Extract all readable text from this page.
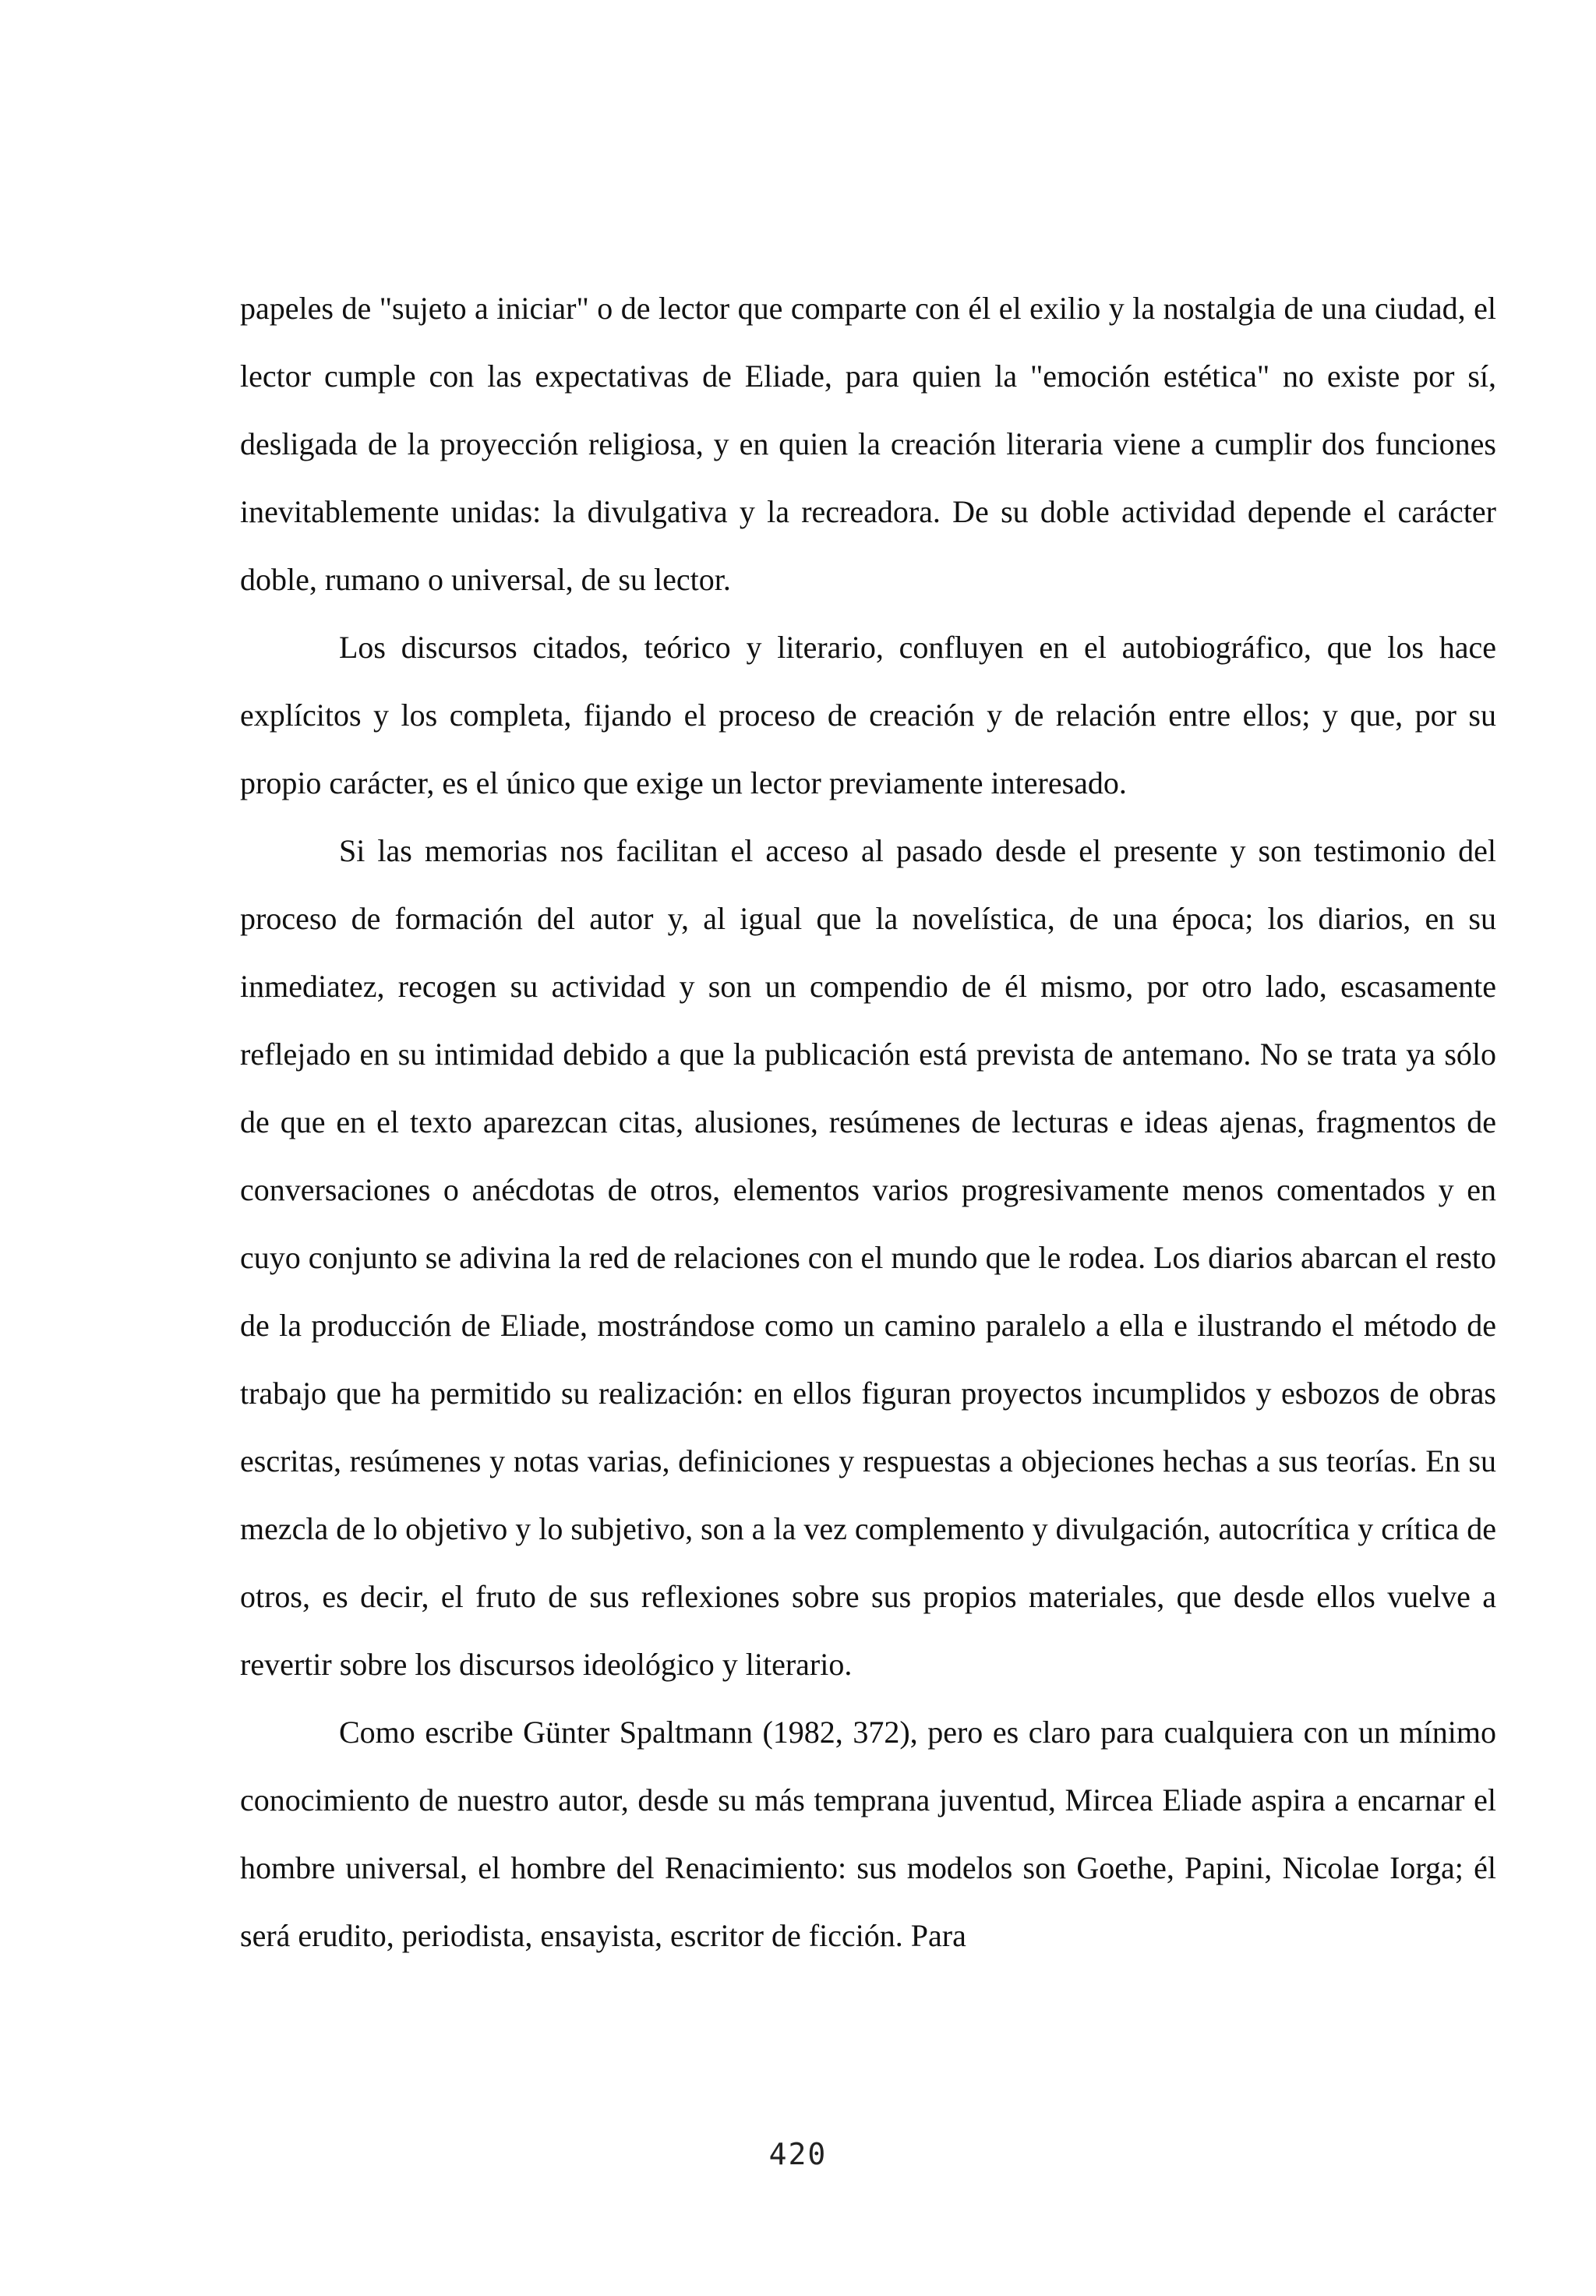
papeles de "sujeto a iniciar" o de lector que comparte con él el exilio y la nostalgia de una ciudad, el lector cumple con las expectativas de Eliade, para quien la "emoción estética" no existe por sí, desligada de la proyección religiosa, y en quien la creación literaria viene a cumplir dos funciones inevitablemente unidas: la divulgativa y la recreadora. De su doble actividad depende el carácter doble, rumano o universal, de su lector.

Los discursos citados, teórico y literario, confluyen en el autobiográfico, que los hace explícitos y los completa, fijando el proceso de creación y de relación entre ellos; y que, por su propio carácter, es el único que exige un lector previamente interesado.

Si las memorias nos facilitan el acceso al pasado desde el presente y son testimonio del proceso de formación del autor y, al igual que la novelística, de una época; los diarios, en su inmediatez, recogen su actividad y son un compendio de él mismo, por otro lado, escasamente reflejado en su intimidad debido a que la publicación está prevista de antemano. No se trata ya sólo de que en el texto aparezcan citas, alusiones, resúmenes de lecturas e ideas ajenas, fragmentos de conversaciones o anécdotas de otros, elementos varios progresivamente menos comentados y en cuyo conjunto se adivina la red de relaciones con el mundo que le rodea. Los diarios abarcan el resto de la producción de Eliade, mostrándose como un camino paralelo a ella e ilustrando el método de trabajo que ha permitido su realización: en ellos figuran proyectos incumplidos y esbozos de obras escritas, resúmenes y notas varias, definiciones y respuestas a objeciones hechas a sus teorías. En su mezcla de lo objetivo y lo subjetivo, son a la vez complemento y divulgación, autocrítica y crítica de otros, es decir, el fruto de sus reflexiones sobre sus propios materiales, que desde ellos vuelve a revertir sobre los discursos ideológico y literario.

Como escribe Günter Spaltmann (1982, 372), pero es claro para cualquiera con un mínimo conocimiento de nuestro autor, desde su más temprana juventud, Mircea Eliade aspira a encarnar el hombre universal, el hombre del Renacimiento: sus modelos son Goethe, Papini, Nicolae Iorga; él será erudito, periodista, ensayista, escritor de ficción. Para

420
